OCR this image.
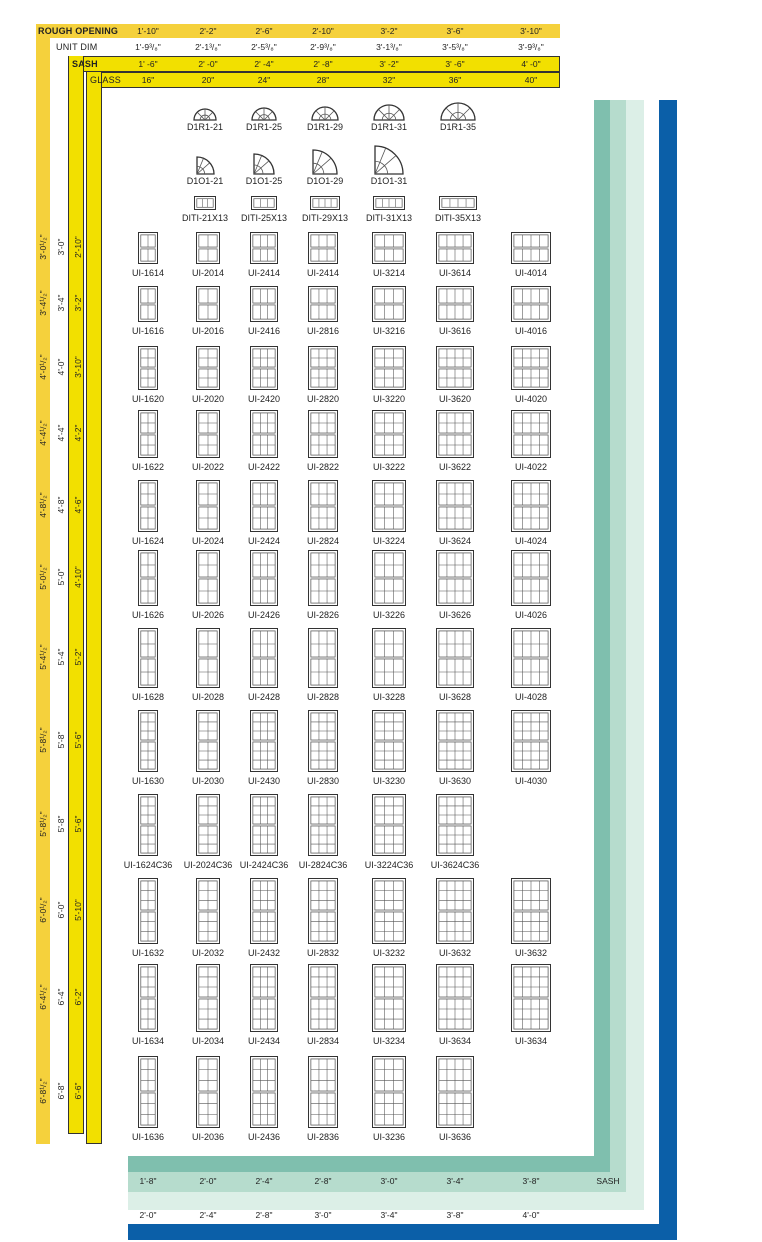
ROUGH OPENING
UNIT DIM
SASH
GLASS
1'-10"	2'-2"	2'-6"	2'-10"	3'-2"	3'-6"	3'-10"
1'-9³/₈"	2'-1³/₈"	2'-5³/₈"	2'-9³/₈"	3'-1³/₈"	3'-5³/₈"	3'-9³/₈"
1' -6"	2' -0"	2' -4"	2' -8"	3' -2"	3' -6"	4' -0"
16"	20"	24"	28"	32"	36"	40"
3'-0¹/₂" 3'-0" 2'-10"
3'-4¹/₂" 3'-4" 3'-2"
4'-0¹/₂" 4'-0" 3'-10"
4'-4¹/₂" 4'-4" 4'-2"
4'-8¹/₂" 4'-8" 4'-6"
5'-0¹/₂" 5'-0" 4'-10"
5'-4¹/₂" 5'-4" 5'-2"
5'-8¹/₂" 5'-8" 5'-6"
5'-8¹/₂" 5'-8" 5'-6"
6'-0¹/₂" 6'-0" 5'-10"
6'-4¹/₂" 6'-4" 6'-2"
6'-8¹/₂" 6'-8" 6'-6"
UI-1614	UI-2014	UI-2414	UI-2414	UI-3214	UI-3614	UI-4014
UI-1616	UI-2016	UI-2416	UI-2816	UI-3216	UI-3616	UI-4016
UI-1620	UI-2020	UI-2420	UI-2820	UI-3220	UI-3620	UI-4020
UI-1622	UI-2022	UI-2422	UI-2822	UI-3222	UI-3622	UI-4022
UI-1624	UI-2024	UI-2424	UI-2824	UI-3224	UI-3624	UI-4024
UI-1626	UI-2026	UI-2426	UI-2826	UI-3226	UI-3626	UI-4026
UI-1628	UI-2028	UI-2428	UI-2828	UI-3228	UI-3628	UI-4028
UI-1630	UI-2030	UI-2430	UI-2830	UI-3230	UI-3630	UI-4030
UI-1624C36	UI-2024C36 UI-2424C36	UI-2824C36	UI-3224C36	UI-3624C36
UI-1632	UI-2032	UI-2432	UI-2832	UI-3232	UI-3632	UI-3632
UI-1634	UI-2034	UI-2434	UI-2834	UI-3234	UI-3634	UI-3634
UI-1636	UI-2036	UI-2436	UI-2836	UI-3236	UI-3636
D1R1-21	D1R1-25	D1R1-29	D1R1-31	D1R1-35
D1O1-21	D1O1-25	D1O1-29	D1O1-31
DITI-21X13	DITI-25X13	DITI-29X13	DITI-31X13	DITI-35X13
1'-8"	2'-0"	2'-4"	2'-8"	3'-0"	3'-4"	3'-8"	SASH
2'-0"	2'-4"	2'-8"	3'-0"	3'-4"	3'-8"	4'-0"
